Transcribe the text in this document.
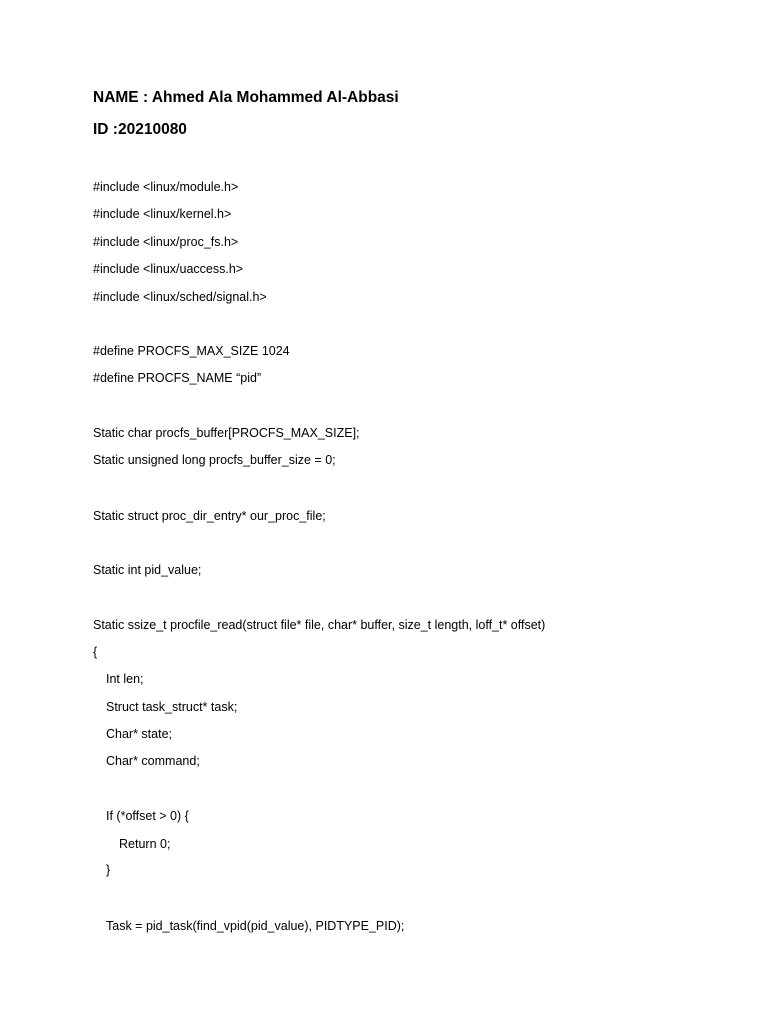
NAME : Ahmed Ala Mohammed Al-Abbasi
ID :20210080
#include <linux/module.h>
#include <linux/kernel.h>
#include <linux/proc_fs.h>
#include <linux/uaccess.h>
#include <linux/sched/signal.h>
#define PROCFS_MAX_SIZE 1024
#define PROCFS_NAME “pid”
Static char procfs_buffer[PROCFS_MAX_SIZE];
Static unsigned long procfs_buffer_size = 0;
Static struct proc_dir_entry* our_proc_file;
Static int pid_value;
Static ssize_t procfile_read(struct file* file, char* buffer, size_t length, loff_t* offset)
{
Int len;
Struct task_struct* task;
Char* state;
Char* command;
If (*offset > 0) {
Return 0;
}
Task = pid_task(find_vpid(pid_value), PIDTYPE_PID);
